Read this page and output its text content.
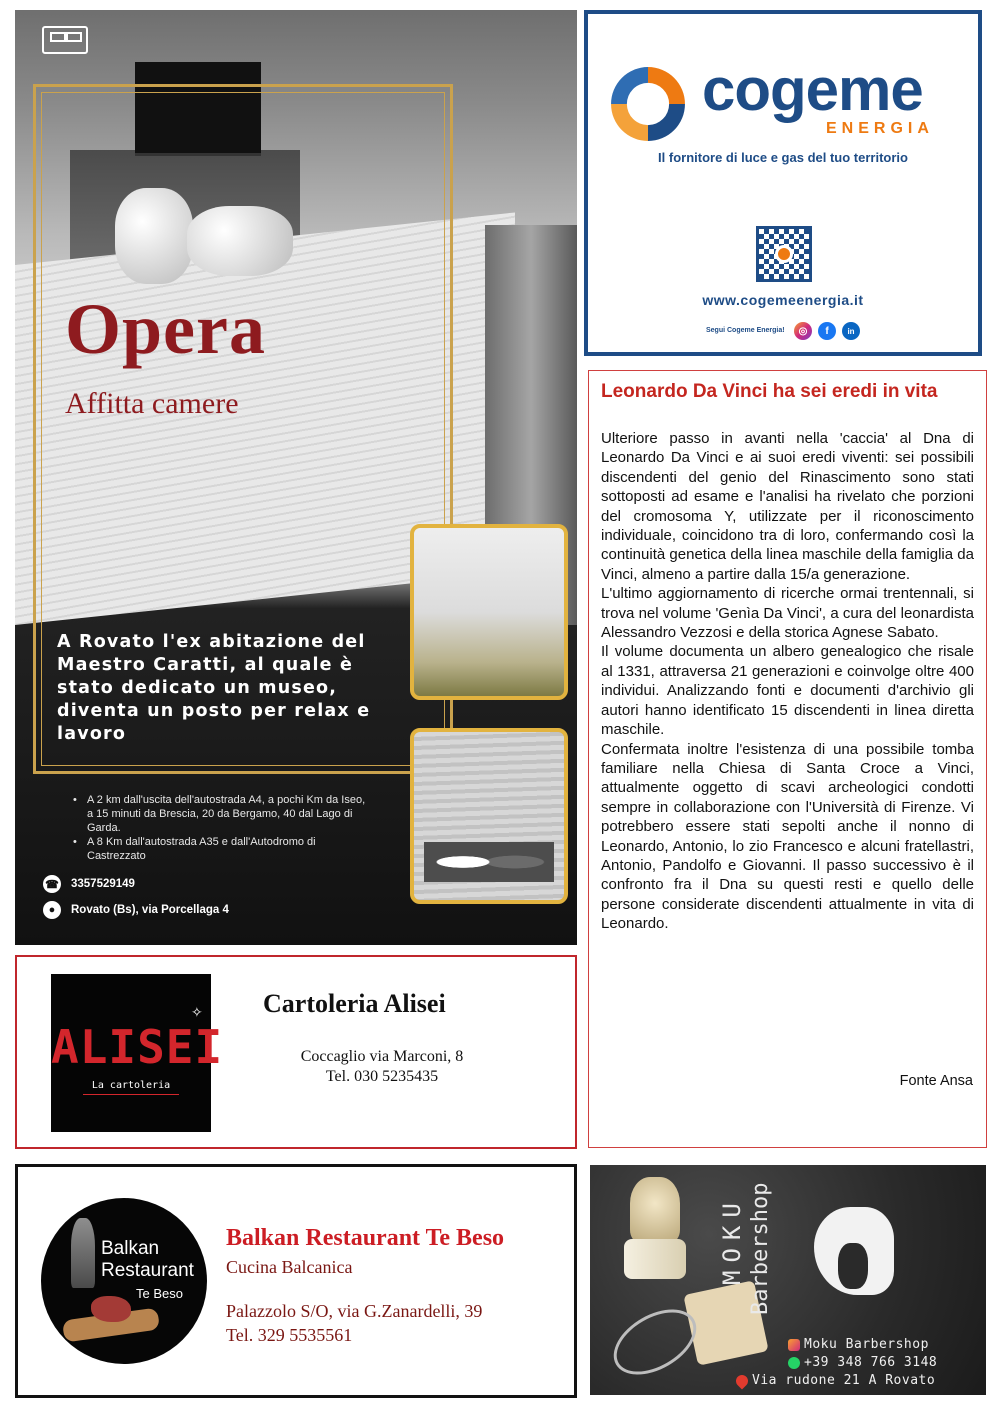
Opera
Affitta camere
A Rovato l'ex abitazione del Maestro Caratti, al quale è stato dedicato un museo, diventa un posto per relax e lavoro
• A 2 km dall'uscita dell'autostrada A4, a pochi Km da Iseo, a 15 minuti da Brescia, 20 da Bergamo, 40 dal Lago di Garda.
• A 8 Km dall'autostrada A35 e dall'Autodromo di Castrezzato
☎ 3357529149
●	Rovato (Bs), via Porcellaga 4
cogeme
ENERGIA
Il fornitore di luce e gas del tuo territorio
www.cogemeenergia.it
Segui Cogeme Energia!	◎	f	in
Leonardo Da Vinci ha sei eredi in vita

Ulteriore passo in avanti nella 'caccia' al Dna di Leonardo Da Vinci e ai suoi eredi viventi: sei possibili discendenti del genio del Rinascimento sono stati sottoposti ad esame e l'analisi ha rivelato che porzioni del cromosoma Y, utilizzate per il riconoscimento individuale, coincidono tra di loro, confermando così la continuità genetica della linea maschile della famiglia da Vinci, almeno a partire dalla 15/a generazione.

L'ultimo aggiornamento di ricerche ormai trentennali, si trova nel volume 'Genìa Da Vinci', a cura del leonardista Alessandro Vezzosi e della storica Agnese Sabato.

Il volume documenta un albero genealogico che risale al 1331, attraversa 21 generazioni e coinvolge oltre 400 individui. Analizzando fonti e documenti d'archivio gli autori hanno identificato 15 discendenti in linea diretta maschile.

Confermata inoltre l'esistenza di una possibile tomba familiare nella Chiesa di Santa Croce a Vinci, attualmente oggetto di scavi archeologici condotti sempre in collaborazione con l'Università di Firenze. Vi potrebbero essere stati sepolti anche il nonno di Leonardo, Antonio, lo zio Francesco e alcuni fratellastri, Antonio, Pandolfo e Giovanni. Il passo successivo è il confronto fra il Dna su questi resti e quello delle persone considerate discendenti attualmente in vita di Leonardo.

Fonte Ansa
✧
ALISEI
La cartoleria
Cartoleria Alisei
Coccaglio via Marconi, 8
Tel. 030 5235435
Balkan
Restaurant
Te Beso
Balkan Restaurant Te Beso
Cucina Balcanica
Palazzolo S/O, via G.Zanardelli, 39
Tel. 329 5535561
MOKU Barbershop
Moku Barbershop
+39 348 766 3148
Via rudone 21 A Rovato
